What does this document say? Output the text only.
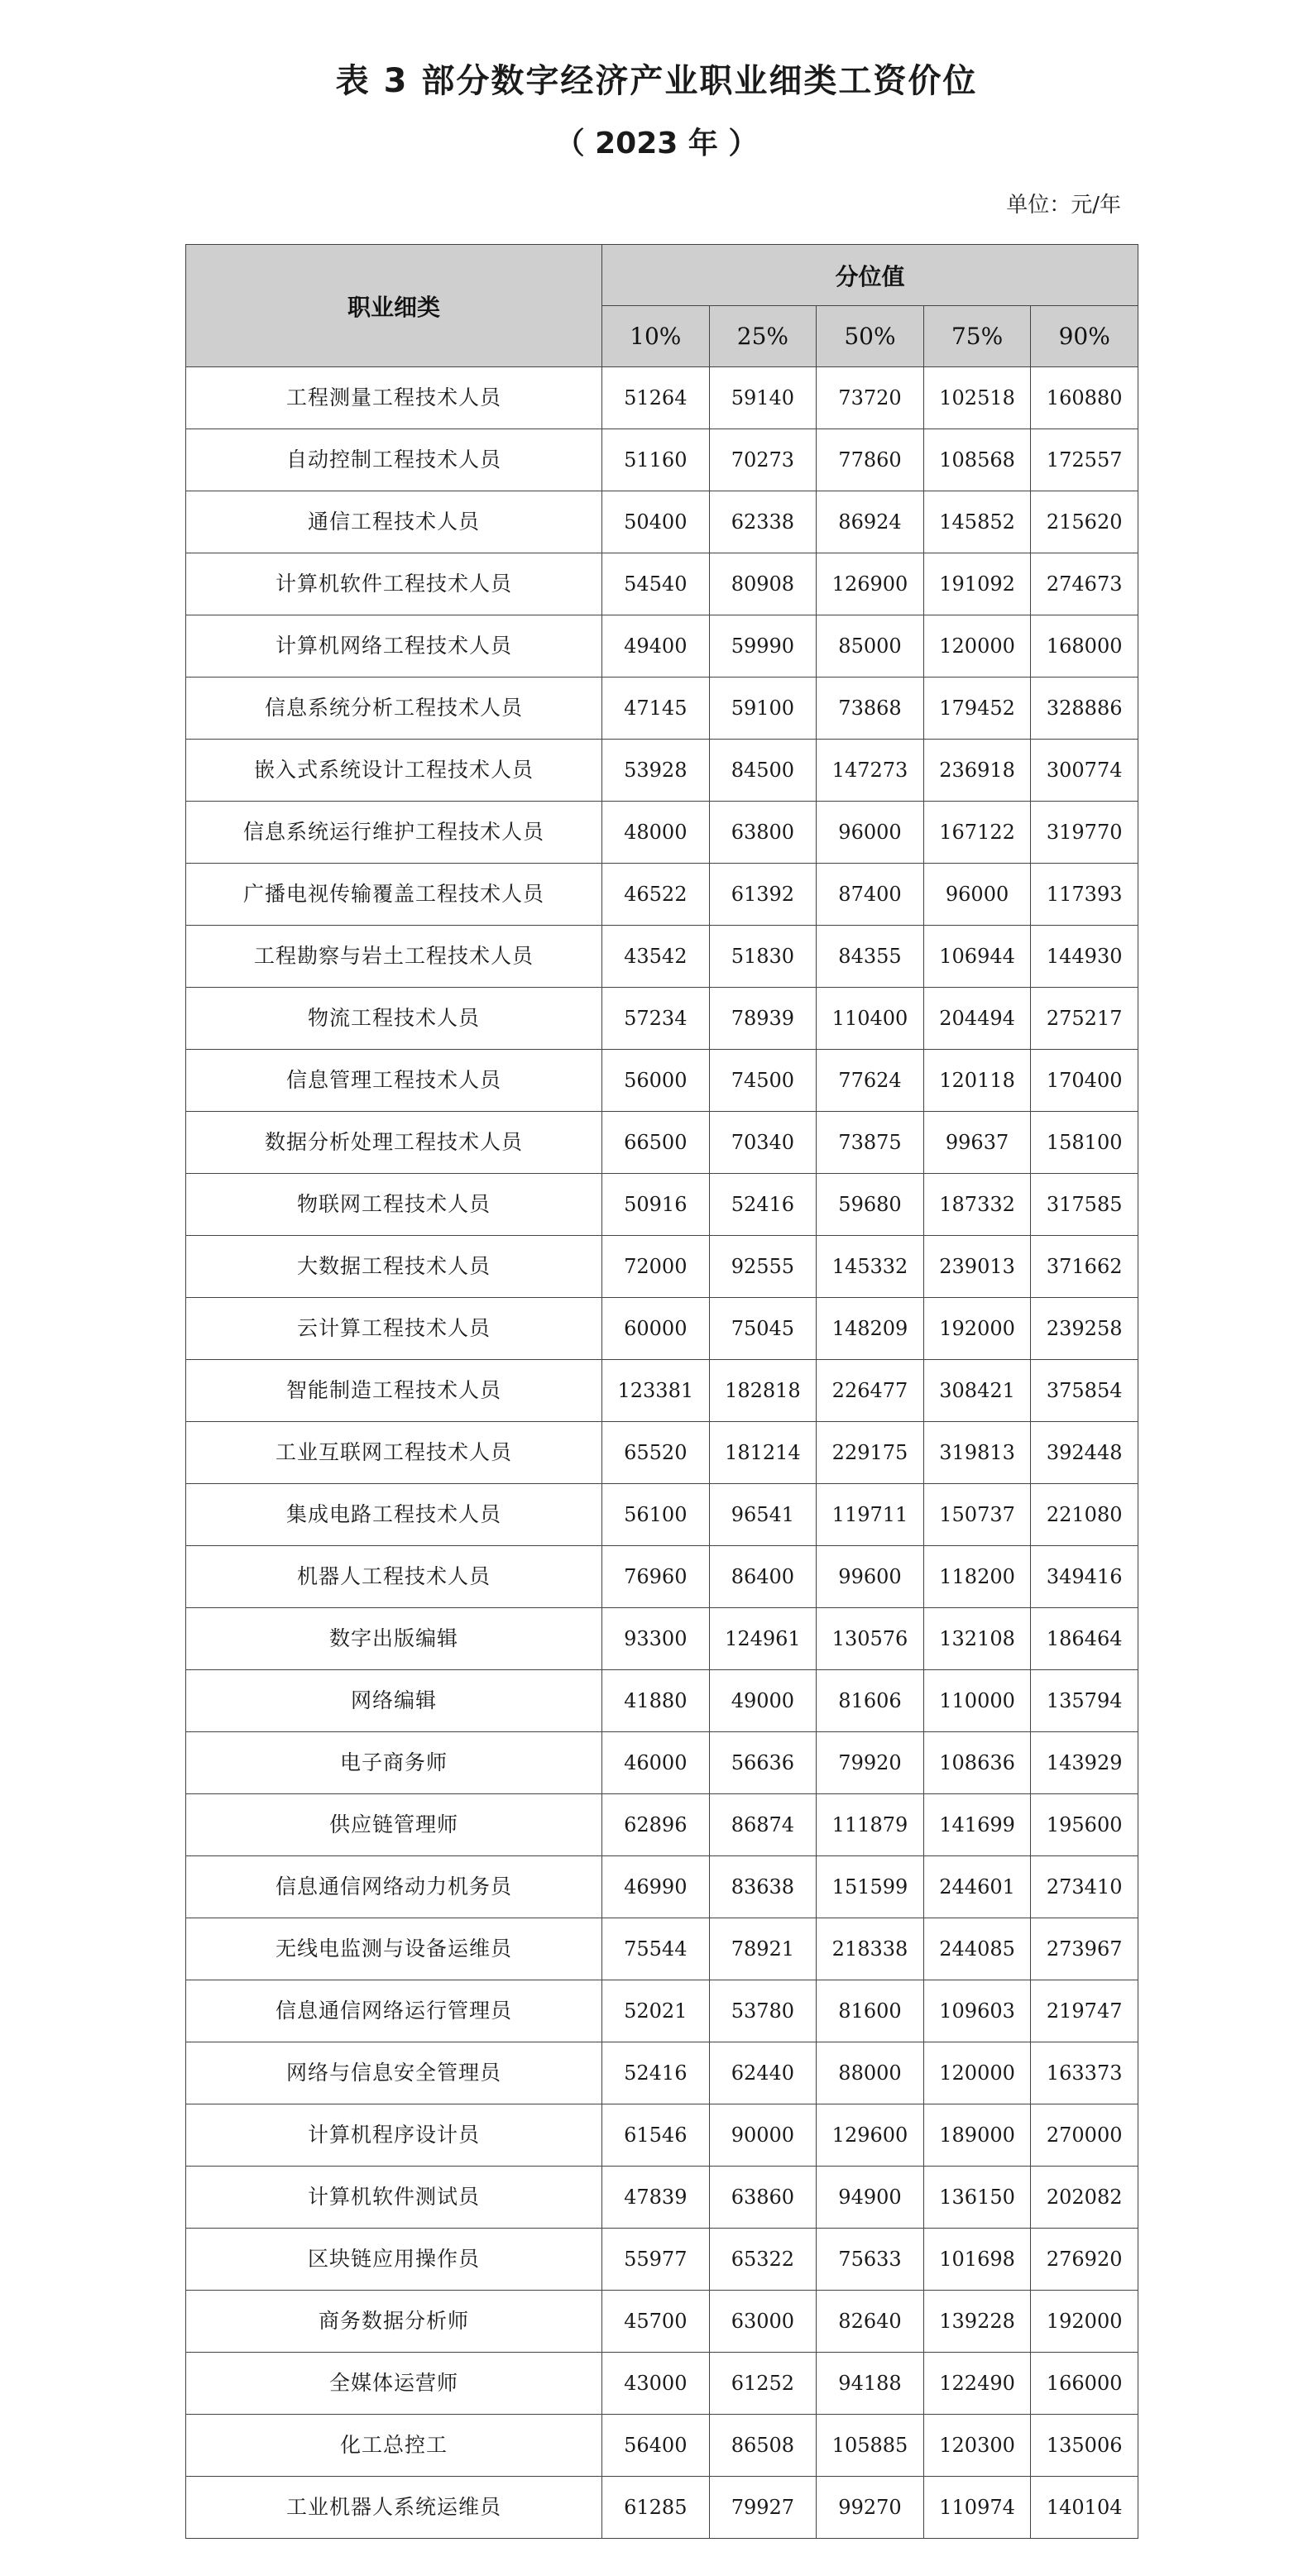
表 3 部分数字经济产业职业细类工资价位
（ 2023 年 ）
单位：元/年
职业细类	分位值				
	10%	25%	50%	75%	90%
工程测量工程技术人员	51264	59140	73720	102518	160880
自动控制工程技术人员	51160	70273	77860	108568	172557
通信工程技术人员	50400	62338	86924	145852	215620
计算机软件工程技术人员	54540	80908	126900	191092	274673
计算机网络工程技术人员	49400	59990	85000	120000	168000
信息系统分析工程技术人员	47145	59100	73868	179452	328886
嵌入式系统设计工程技术人员	53928	84500	147273	236918	300774
信息系统运行维护工程技术人员	48000	63800	96000	167122	319770
广播电视传输覆盖工程技术人员	46522	61392	87400	96000	117393
工程勘察与岩土工程技术人员	43542	51830	84355	106944	144930
物流工程技术人员	57234	78939	110400	204494	275217
信息管理工程技术人员	56000	74500	77624	120118	170400
数据分析处理工程技术人员	66500	70340	73875	99637	158100
物联网工程技术人员	50916	52416	59680	187332	317585
大数据工程技术人员	72000	92555	145332	239013	371662
云计算工程技术人员	60000	75045	148209	192000	239258
智能制造工程技术人员	123381	182818	226477	308421	375854
工业互联网工程技术人员	65520	181214	229175	319813	392448
集成电路工程技术人员	56100	96541	119711	150737	221080
机器人工程技术人员	76960	86400	99600	118200	349416
数字出版编辑	93300	124961	130576	132108	186464
网络编辑	41880	49000	81606	110000	135794
电子商务师	46000	56636	79920	108636	143929
供应链管理师	62896	86874	111879	141699	195600
信息通信网络动力机务员	46990	83638	151599	244601	273410
无线电监测与设备运维员	75544	78921	218338	244085	273967
信息通信网络运行管理员	52021	53780	81600	109603	219747
网络与信息安全管理员	52416	62440	88000	120000	163373
计算机程序设计员	61546	90000	129600	189000	270000
计算机软件测试员	47839	63860	94900	136150	202082
区块链应用操作员	55977	65322	75633	101698	276920
商务数据分析师	45700	63000	82640	139228	192000
全媒体运营师	43000	61252	94188	122490	166000
化工总控工	56400	86508	105885	120300	135006
工业机器人系统运维员	61285	79927	99270	110974	140104
